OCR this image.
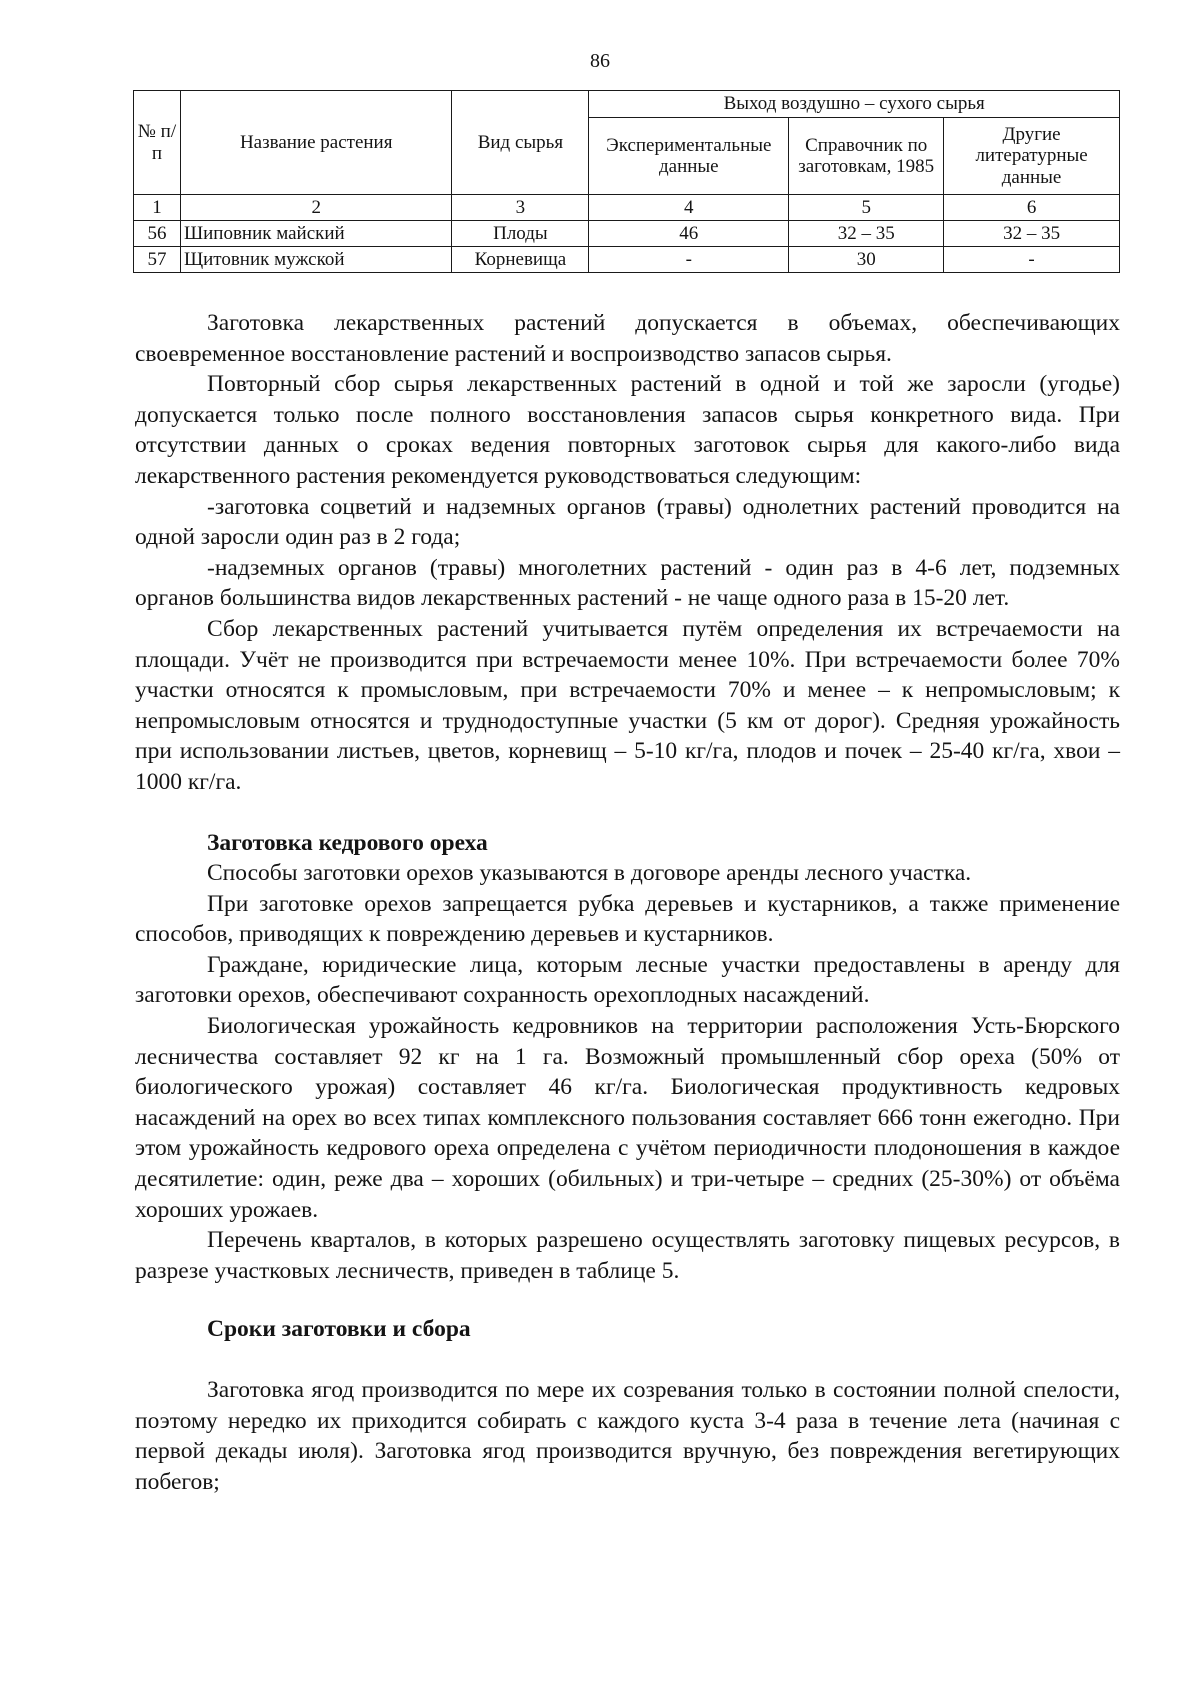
86
№ п/п	Название растения	Вид сырья	Выход воздушно – сухого сырья		
			Экспериментальные данные	Справочник по заготовкам, 1985	Другие литературные данные
1	2	3	4	5	6
56	Шиповник майский	Плоды	46	32 – 35	32 – 35
57	Щитовник мужской	Корневища	-	30	-

Заготовка лекарственных растений допускается в объемах, обеспечивающих своевременное восстановление растений и воспроизводство запасов сырья.

Повторный сбор сырья лекарственных растений в одной и той же заросли (угодье) допускается только после полного восстановления запасов сырья конкретного вида. При отсутствии данных о сроках ведения повторных заготовок сырья для какого-либо вида лекарственного растения рекомендуется руководствоваться следующим:

-заготовка соцветий и надземных органов (травы) однолетних растений проводится на одной заросли один раз в 2 года;

-надземных органов (травы) многолетних растений - один раз в 4-6 лет, подземных органов большинства видов лекарственных растений - не чаще одного раза в 15-20 лет.

Сбор лекарственных растений учитывается путём определения их встречаемости на площади. Учёт не производится при встречаемости менее 10%. При встречаемости более 70% участки относятся к промысловым, при встречаемости 70% и менее – к непромысловым; к непромысловым относятся и труднодоступные участки (5 км от дорог). Средняя урожайность при использовании листьев, цветов, корневищ – 5-10 кг/га, плодов и почек – 25-40 кг/га, хвои – 1000 кг/га.

Заготовка кедрового ореха

Способы заготовки орехов указываются в договоре аренды лесного участка.

При заготовке орехов запрещается рубка деревьев и кустарников, а также применение способов, приводящих к повреждению деревьев и кустарников.

Граждане, юридические лица, которым лесные участки предоставлены в аренду для заготовки орехов, обеспечивают сохранность орехоплодных насаждений.

Биологическая урожайность кедровников на территории расположения Усть-Бюрского лесничества составляет 92 кг на 1 га. Возможный промышленный сбор ореха (50% от биологического урожая) составляет 46 кг/га. Биологическая продуктивность кедровых насаждений на орех во всех типах комплексного пользования составляет 666 тонн ежегодно. При этом урожайность кедрового ореха определена с учётом периодичности плодоношения в каждое десятилетие: один, реже два – хороших (обильных) и три-четыре – средних (25-30%) от объёма хороших урожаев.

Перечень кварталов, в которых разрешено осуществлять заготовку пищевых ресурсов, в разрезе участковых лесничеств, приведен в таблице 5.

Сроки заготовки и сбора

Заготовка ягод производится по мере их созревания только в состоянии полной спелости, поэтому нередко их приходится собирать с каждого куста 3-4 раза в течение лета (начиная с первой декады июля). Заготовка ягод производится вручную, без повреждения вегетирующих побегов;
